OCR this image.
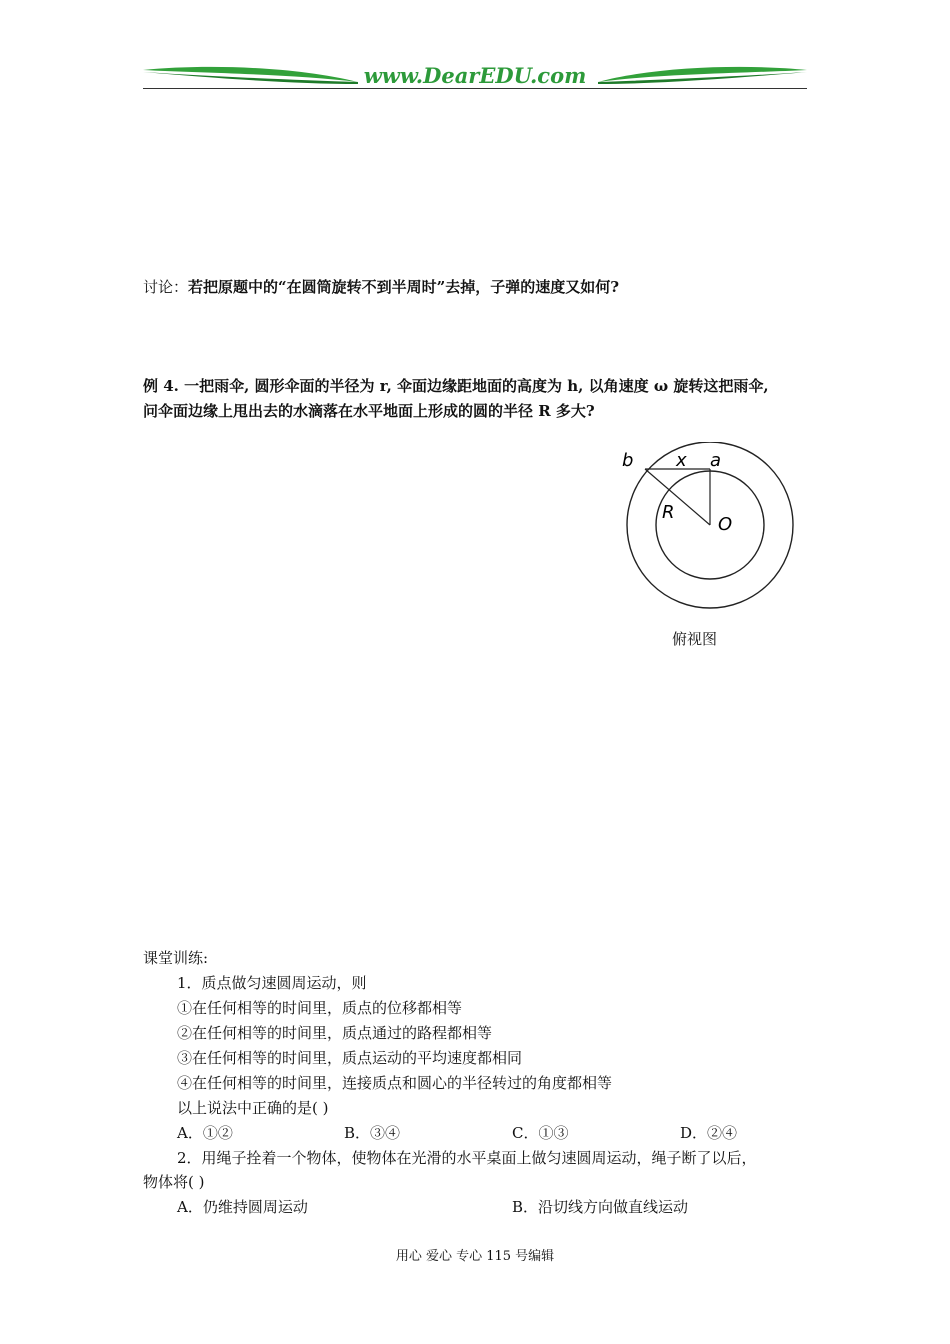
www.DearEDU.com
讨论：若把原题中的“在圆筒旋转不到半周时”去掉，子弹的速度又如何?
例 4. 一把雨伞, 圆形伞面的半径为 r, 伞面边缘距地面的高度为 h, 以角速度 ω 旋转这把雨伞,
问伞面边缘上甩出去的水滴落在水平地面上形成的圆的半径 R 多大?
b x a
R
O
俯视图
课堂训练:
1．质点做匀速圆周运动，则
①在任何相等的时间里，质点的位移都相等
②在任何相等的时间里，质点通过的路程都相等
③在任何相等的时间里，质点运动的平均速度都相同
④在任何相等的时间里，连接质点和圆心的半径转过的角度都相等
以上说法中正确的是( )
A．①②	B．③④	C．①③	D．②④
2．用绳子拴着一个物体，使物体在光滑的水平桌面上做匀速圆周运动，绳子断了以后，
物体将( )
A．仍维持圆周运动	B．沿切线方向做直线运动
用心 爱心 专心 115 号编辑
